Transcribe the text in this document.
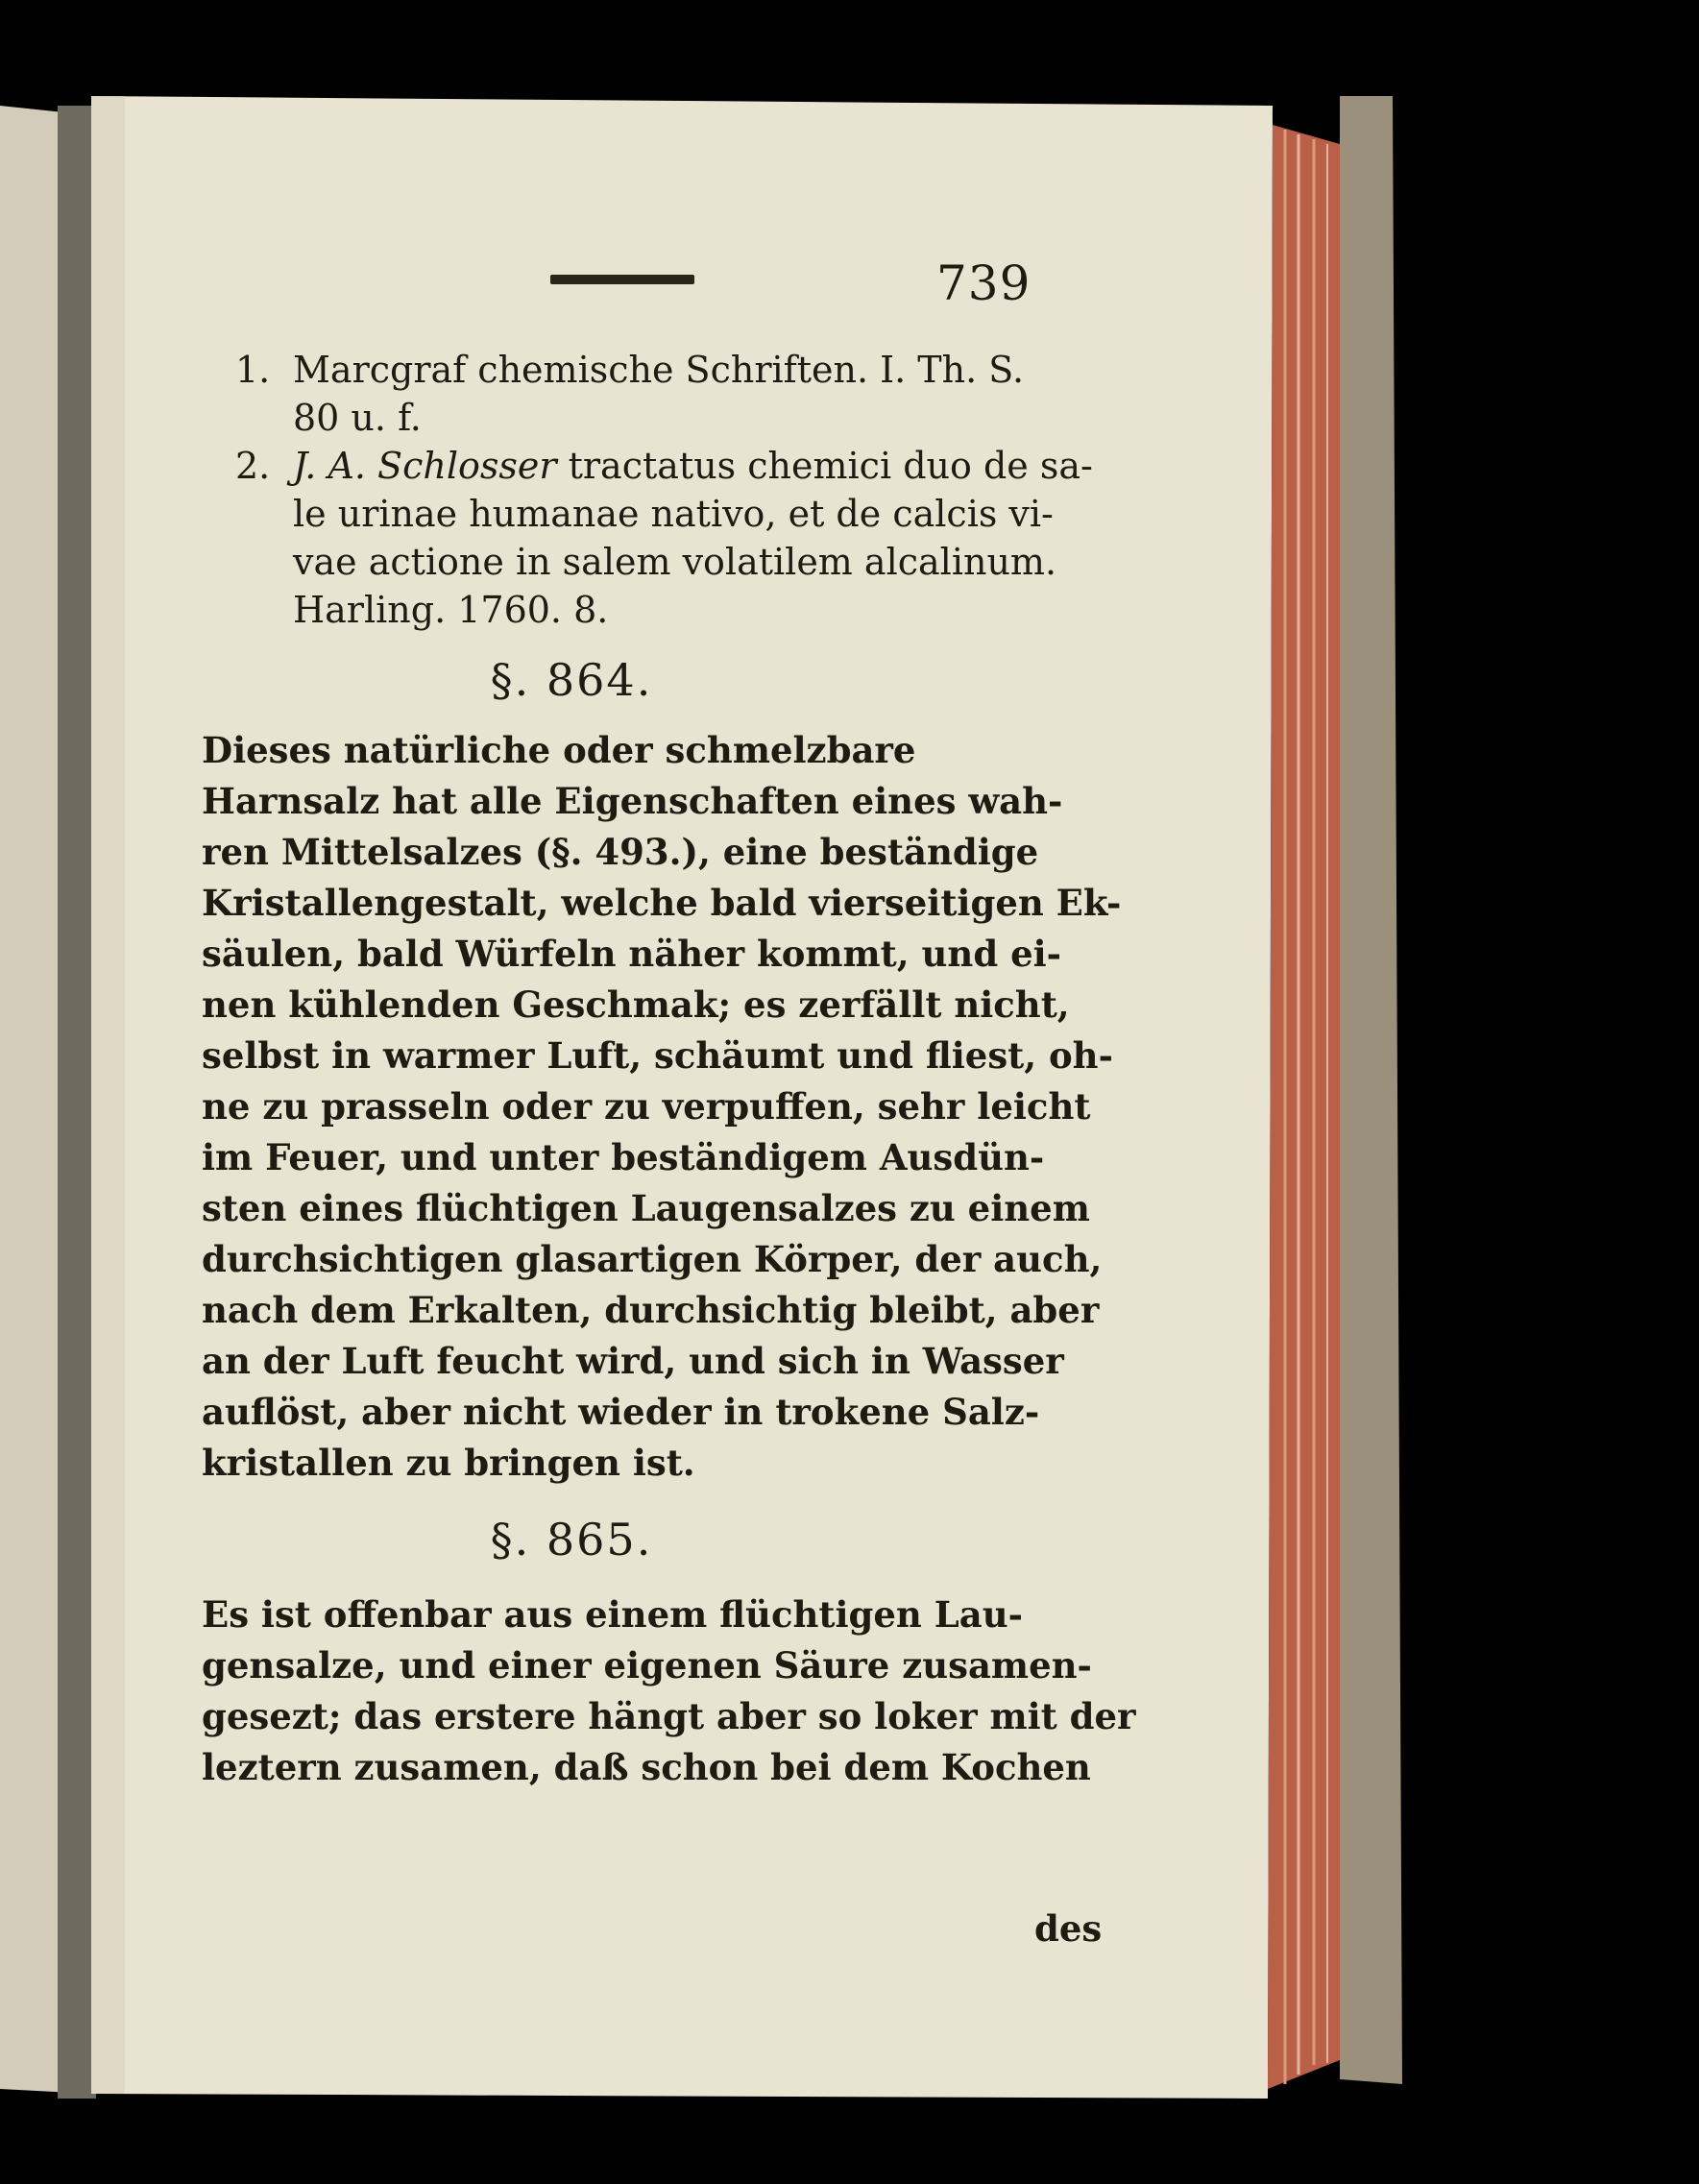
739
1. Marcgraf chemische Schriften. I. Th. S.
80 u. f.
2. J. A. Schlosser tractatus chemici duo de sa-
le urinae humanae nativo, et de calcis vi-
vae actione in salem volatilem alcalinum.
Harling. 1760. 8.
§. 864.
Dieses natürliche oder schmelzbare
Harnsalz hat alle Eigenschaften eines wah-
ren Mittelsalzes (§. 493.), eine beständige
Kristallengestalt, welche bald vierseitigen Ek-
säulen, bald Würfeln näher kommt, und ei-
nen kühlenden Geschmak; es zerfällt nicht,
selbst in warmer Luft, schäumt und fliest, oh-
ne zu prasseln oder zu verpuffen, sehr leicht
im Feuer, und unter beständigem Ausdün-
sten eines flüchtigen Laugensalzes zu einem
durchsichtigen glasartigen Körper, der auch,
nach dem Erkalten, durchsichtig bleibt, aber
an der Luft feucht wird, und sich in Wasser
auflöst, aber nicht wieder in trokene Salz-
kristallen zu bringen ist.
§. 865.
Es ist offenbar aus einem flüchtigen Lau-
gensalze, und einer eigenen Säure zusamen-
gesezt; das erstere hängt aber so loker mit der
leztern zusamen, daß schon bei dem Kochen
des
